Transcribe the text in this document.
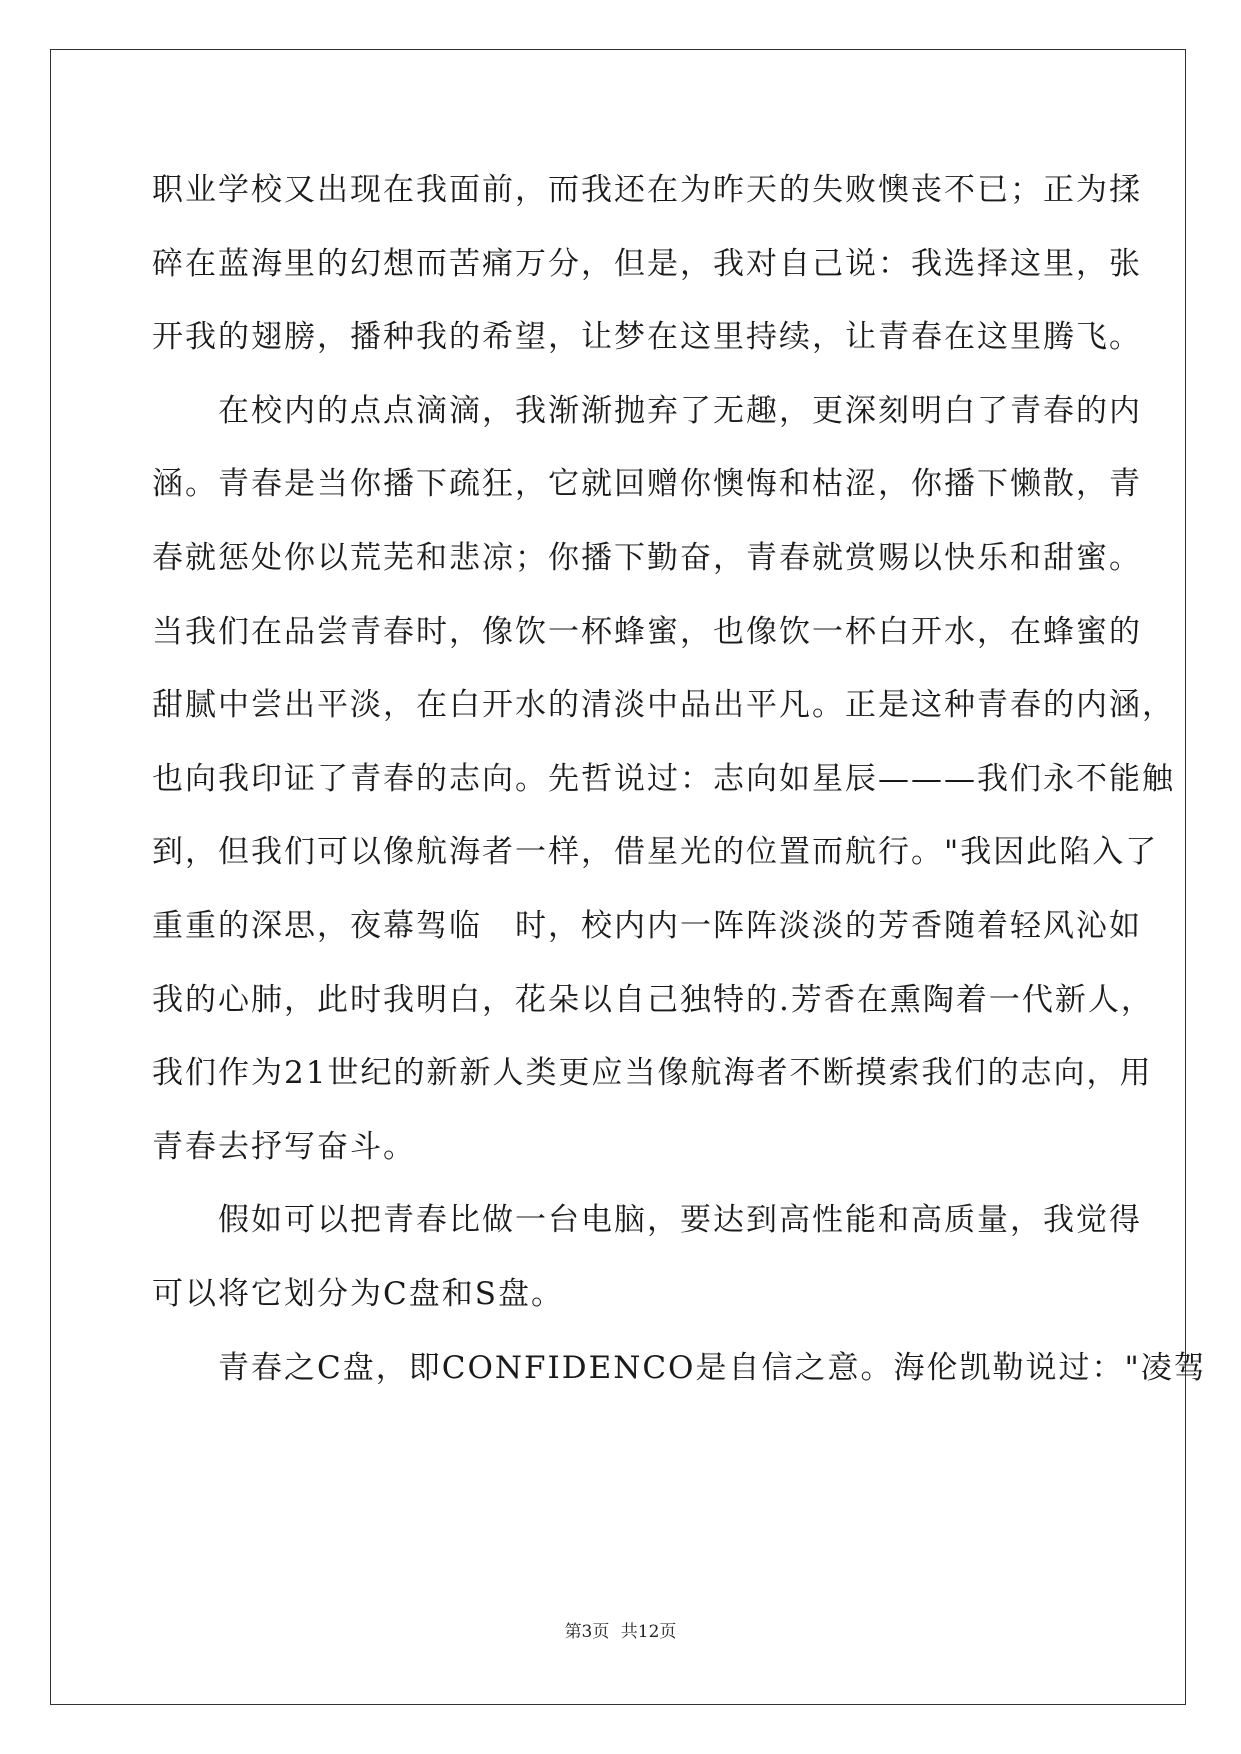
职业学校又出现在我面前，而我还在为昨天的失败懊丧不已；正为揉
碎在蓝海里的幻想而苦痛万分，但是，我对自己说：我选择这里，张
开我的翅膀，播种我的希望，让梦在这里持续，让青春在这里腾飞。
　　在校内的点点滴滴，我渐渐抛弃了无趣，更深刻明白了青春的内
涵。青春是当你播下疏狂，它就回赠你懊悔和枯涩，你播下懒散，青
春就惩处你以荒芜和悲凉；你播下勤奋，青春就赏赐以快乐和甜蜜。
当我们在品尝青春时，像饮一杯蜂蜜，也像饮一杯白开水，在蜂蜜的
甜腻中尝出平淡，在白开水的清淡中品出平凡。正是这种青春的内涵，
也向我印证了青春的志向。先哲说过：志向如星辰———我们永不能触
到，但我们可以像航海者一样，借星光的位置而航行。"我因此陷入了
重重的深思，夜幕驾临　时，校内内一阵阵淡淡的芳香随着轻风沁如
我的心肺，此时我明白，花朵以自己独特的.芳香在熏陶着一代新人，
我们作为21世纪的新新人类更应当像航海者不断摸索我们的志向，用
青春去抒写奋斗。
　　假如可以把青春比做一台电脑，要达到高性能和高质量，我觉得
可以将它划分为C盘和S盘。
　　青春之C盘，即CONFIDENCO是自信之意。海伦凯勒说过："凌驾
第3页 共12页
